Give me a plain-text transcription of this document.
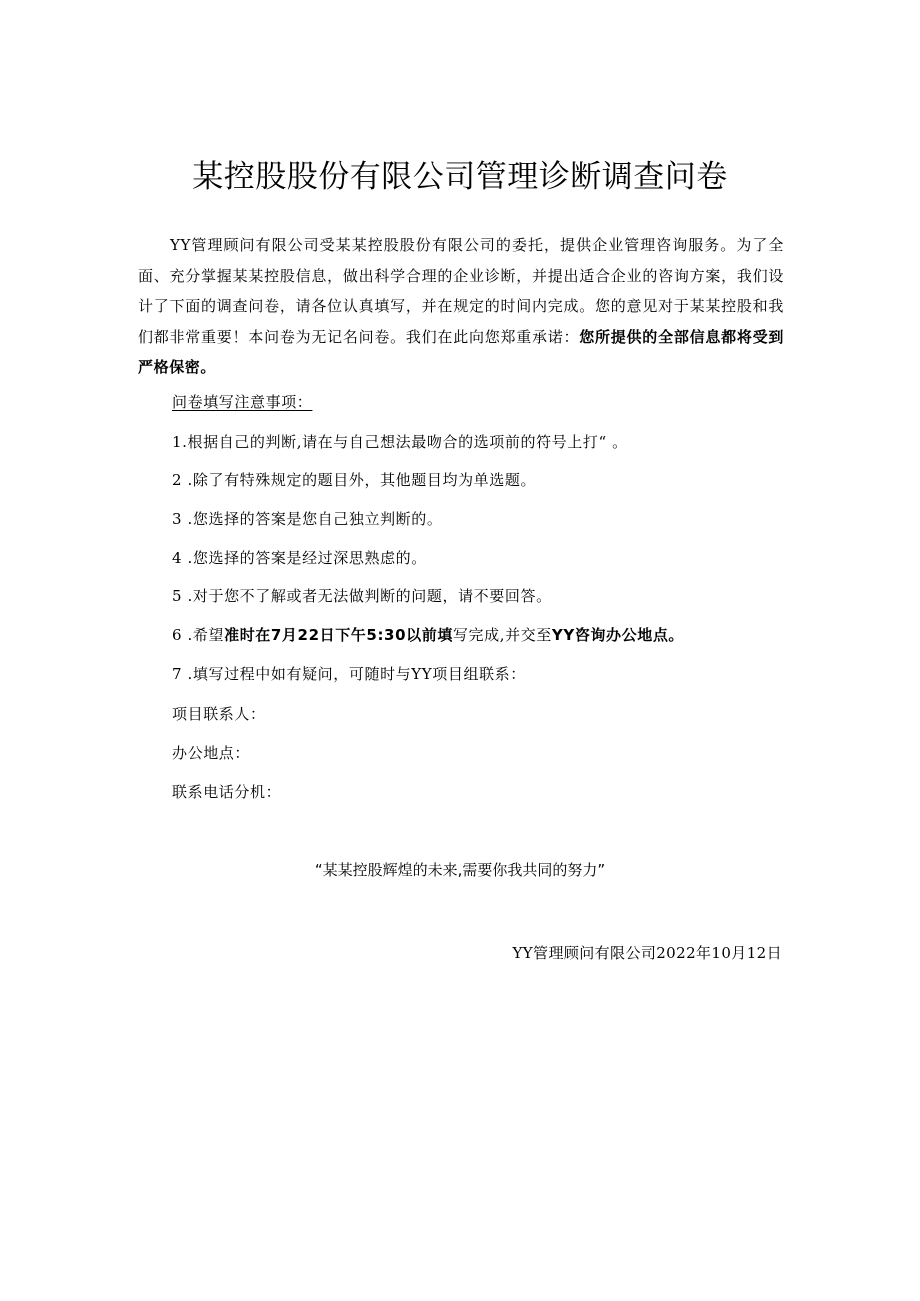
某控股股份有限公司管理诊断调查问卷

YY管理顾问有限公司受某某控股股份有限公司的委托，提供企业管理咨询服务。为了全面、充分掌握某某控股信息，做出科学合理的企业诊断，并提出适合企业的咨询方案，我们设计了下面的调查问卷，请各位认真填写，并在规定的时间内完成。您的意见对于某某控股和我们都非常重要！本问卷为无记名问卷。我们在此向您郑重承诺：您所提供的全部信息都将受到严格保密。

问卷填写注意事项：
1.根据自己的判断,请在与自己想法最吻合的选项前的符号上打“ 。
2 .除了有特殊规定的题目外，其他题目均为单选题。
3 .您选择的答案是您自己独立判断的。
4 .您选择的答案是经过深思熟虑的。
5 .对于您不了解或者无法做判断的问题，请不要回答。
6 .希望准时在7月22日下午5:30以前填写完成,并交至YY咨询办公地点。
7 .填写过程中如有疑问，可随时与YY项目组联系：
项目联系人：
办公地点：
联系电话分机：
“某某控股辉煌的未来,需要你我共同的努力”
YY管理顾问有限公司2022年10月12日
